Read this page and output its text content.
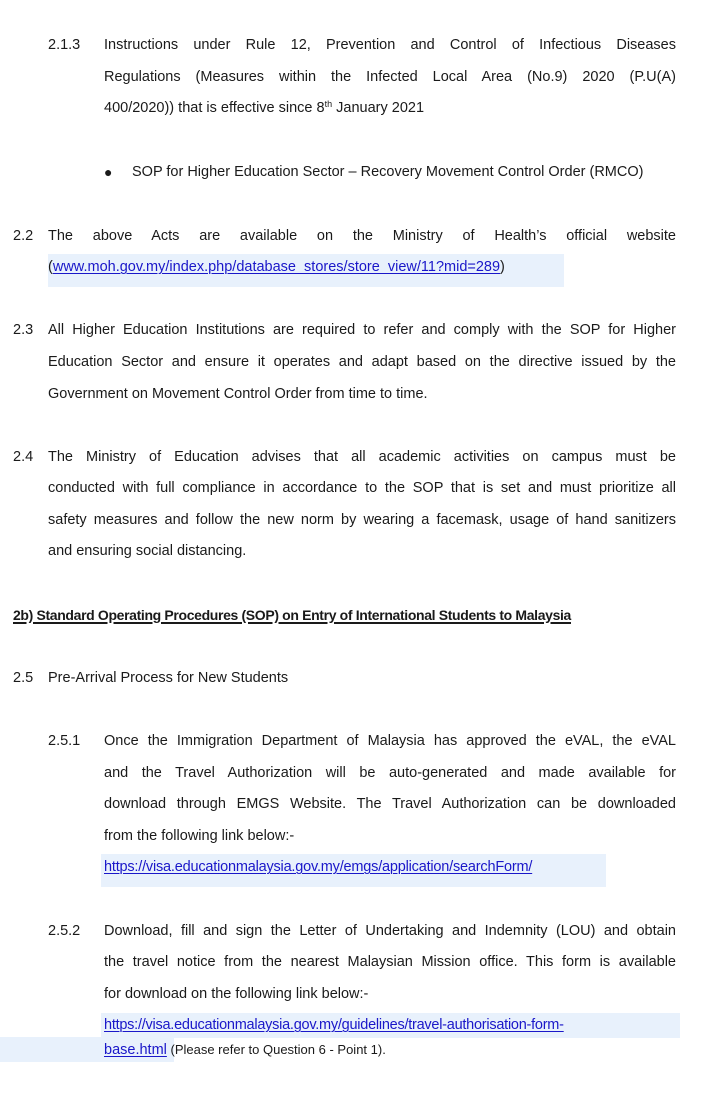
2.1.3 Instructions under Rule 12, Prevention and Control of Infectious Diseases
Regulations (Measures within the Infected Local Area (No.9) 2020 (P.U(A)
400/2020)) that is effective since 8th January 2021
● SOP for Higher Education Sector – Recovery Movement Control Order (RMCO)
2.2 The above Acts are available on the Ministry of Health’s official website
(www.moh.gov.my/index.php/database_stores/store_view/11?mid=289)
2.3 All Higher Education Institutions are required to refer and comply with the SOP for Higher
Education Sector and ensure it operates and adapt based on the directive issued by the
Government on Movement Control Order from time to time.
2.4 The Ministry of Education advises that all academic activities on campus must be
conducted with full compliance in accordance to the SOP that is set and must prioritize all
safety measures and follow the new norm by wearing a facemask, usage of hand sanitizers
and ensuring social distancing.
2b) Standard Operating Procedures (SOP) on Entry of International Students to Malaysia
2.5 Pre-Arrival Process for New Students
2.5.1 Once the Immigration Department of Malaysia has approved the eVAL, the eVAL
and the Travel Authorization will be auto-generated and made available for
download through EMGS Website. The Travel Authorization can be downloaded
from the following link below:-
https://visa.educationmalaysia.gov.my/emgs/application/searchForm/
2.5.2 Download, fill and sign the Letter of Undertaking and Indemnity (LOU) and obtain
the travel notice from the nearest Malaysian Mission office. This form is available
for download on the following link below:-
https://visa.educationmalaysia.gov.my/guidelines/travel-authorisation-form-
base.html (Please refer to Question 6 - Point 1).
